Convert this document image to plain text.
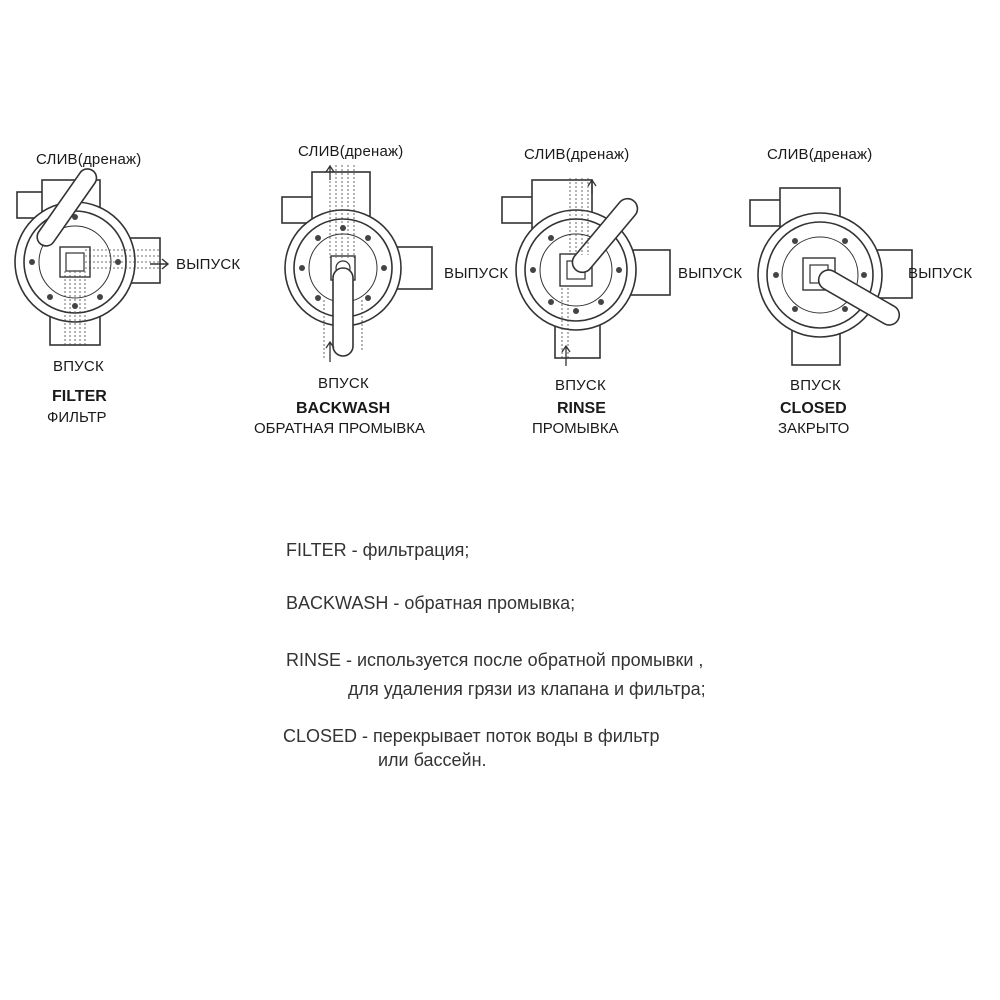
СЛИВ(дренаж)
ВЫПУСК
ВПУСК
FILTER
ФИЛЬТР
СЛИВ(дренаж)
ВПУСК
BACKWASH
ОБРАТНАЯ ПРОМЫВКА
СЛИВ(дренаж)
ВЫПУСК	ВЫПУСК
ВПУСК
RINSE
ПРОМЫВКА
СЛИВ(дренаж)
ВЫПУСК
ВПУСК
CLOSED
ЗАКРЫТО
FILTER - фильтрация;
BACKWASH - обратная промывка;
RINSE - используется после обратной промывки ,
для удаления грязи из клапана и фильтра;
CLOSED - перекрывает поток воды в фильтр
или бассейн.
